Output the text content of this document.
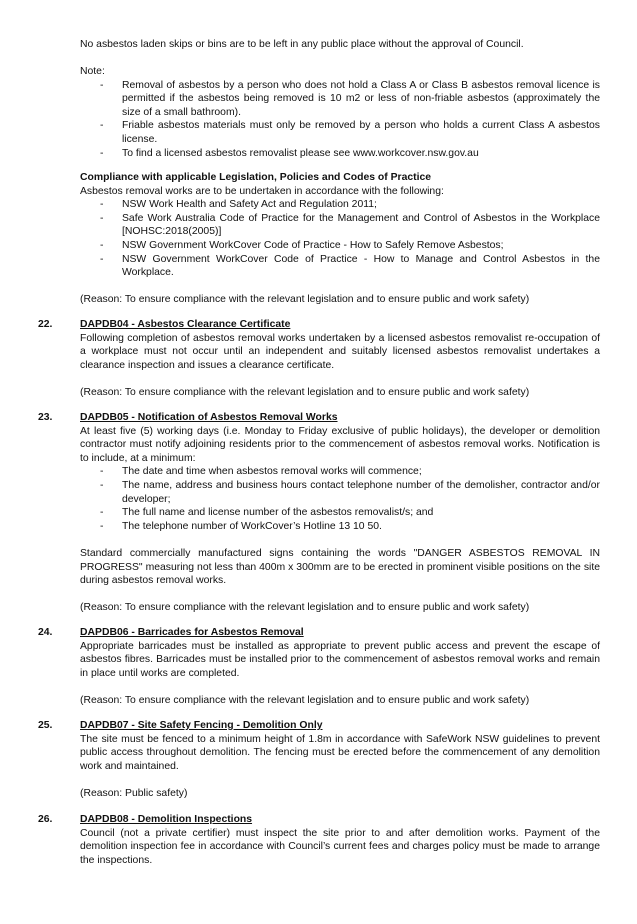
No asbestos laden skips or bins are to be left in any public place without the approval of Council.

Note:

- Removal of asbestos by a person who does not hold a Class A or Class B asbestos removal licence is permitted if the asbestos being removed is 10 m2 or less of non-friable asbestos (approximately the size of a small bathroom).
- Friable asbestos materials must only be removed by a person who holds a current Class A asbestos license.
- To find a licensed asbestos removalist please see www.workcover.nsw.gov.au

Compliance with applicable Legislation, Policies and Codes of Practice

Asbestos removal works are to be undertaken in accordance with the following:

- NSW Work Health and Safety Act and Regulation 2011;
- Safe Work Australia Code of Practice for the Management and Control of Asbestos in the Workplace [NOHSC:2018(2005)]
- NSW Government WorkCover Code of Practice - How to Safely Remove Asbestos;
- NSW Government WorkCover Code of Practice - How to Manage and Control Asbestos in the Workplace.

(Reason: To ensure compliance with the relevant legislation and to ensure public and work safety)

22.	DAPDB04 - Asbestos Clearance Certificate

Following completion of asbestos removal works undertaken by a licensed asbestos removalist re-occupation of a workplace must not occur until an independent and suitably licensed asbestos removalist undertakes a clearance inspection and issues a clearance certificate.

(Reason: To ensure compliance with the relevant legislation and to ensure public and work safety)

23.	DAPDB05 - Notification of Asbestos Removal Works

At least five (5) working days (i.e. Monday to Friday exclusive of public holidays), the developer or demolition contractor must notify adjoining residents prior to the commencement of asbestos removal works. Notification is to include, at a minimum:

- The date and time when asbestos removal works will commence;
- The name, address and business hours contact telephone number of the demolisher, contractor and/or developer;
- The full name and license number of the asbestos removalist/s; and
- The telephone number of WorkCover’s Hotline 13 10 50.

Standard commercially manufactured signs containing the words "DANGER ASBESTOS REMOVAL IN PROGRESS" measuring not less than 400m x 300mm are to be erected in prominent visible positions on the site during asbestos removal works.

(Reason: To ensure compliance with the relevant legislation and to ensure public and work safety)

24.	DAPDB06 - Barricades for Asbestos Removal

Appropriate barricades must be installed as appropriate to prevent public access and prevent the escape of asbestos fibres. Barricades must be installed prior to the commencement of asbestos removal works and remain in place until works are completed.

(Reason: To ensure compliance with the relevant legislation and to ensure public and work safety)

25.	DAPDB07 - Site Safety Fencing - Demolition Only

The site must be fenced to a minimum height of 1.8m in accordance with SafeWork NSW guidelines to prevent public access throughout demolition. The fencing must be erected before the commencement of any demolition work and maintained.

(Reason: Public safety)

26.	DAPDB08 - Demolition Inspections

Council (not a private certifier) must inspect the site prior to and after demolition works. Payment of the demolition inspection fee in accordance with Council’s current fees and charges policy must be made to arrange the inspections.
